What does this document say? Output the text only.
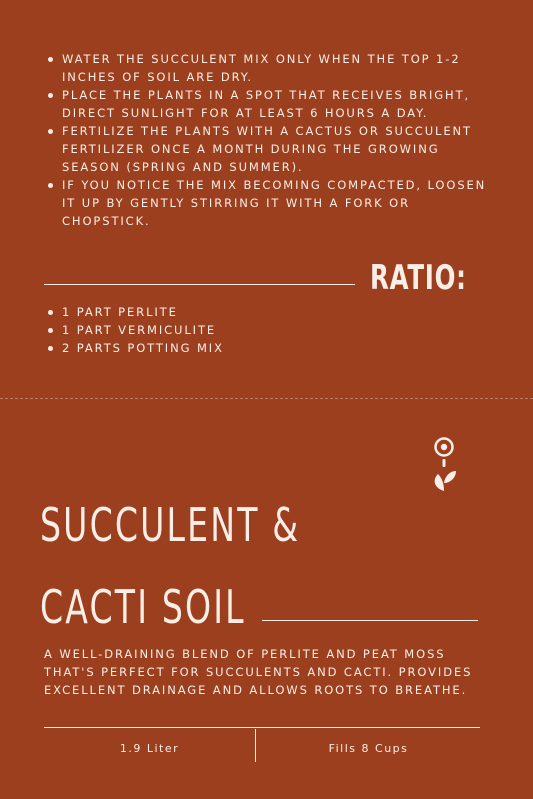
WATER THE SUCCULENT MIX ONLY WHEN THE TOP 1-2 INCHES OF SOIL ARE DRY.
PLACE THE PLANTS IN A SPOT THAT RECEIVES BRIGHT, DIRECT SUNLIGHT FOR AT LEAST 6 HOURS A DAY.
FERTILIZE THE PLANTS WITH A CACTUS OR SUCCULENT FERTILIZER ONCE A MONTH DURING THE GROWING SEASON (SPRING AND SUMMER).
IF YOU NOTICE THE MIX BECOMING COMPACTED, LOOSEN IT UP BY GENTLY STIRRING IT WITH A FORK OR CHOPSTICK.
RATIO:
1 PART PERLITE
1 PART VERMICULITE
2 PARTS POTTING MIX
SUCCULENT &
CACTI SOIL

A WELL-DRAINING BLEND OF PERLITE AND PEAT MOSS THAT'S PERFECT FOR SUCCULENTS AND CACTI. PROVIDES EXCELLENT DRAINAGE AND ALLOWS ROOTS TO BREATHE.

1.9 Liter	Fills 8 Cups
